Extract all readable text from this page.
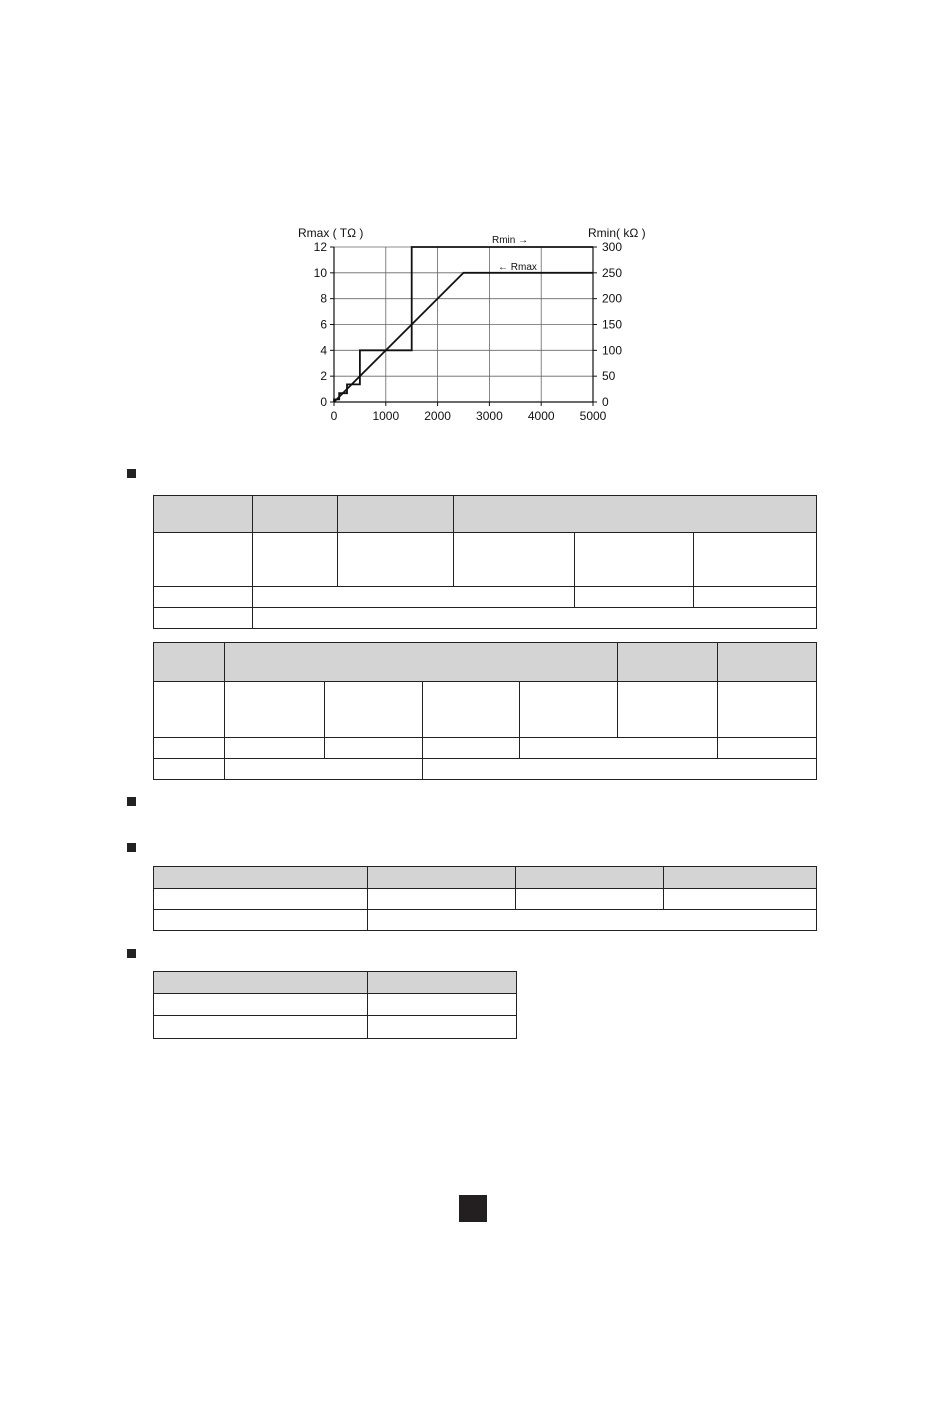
0
2
4
6
8
10
12
0
50
100
150
200
250
300
0	1000 2000 3000 4000 5000
Rmax ( TΩ )	Rmin( kΩ )
Rmin →
← Rmax
